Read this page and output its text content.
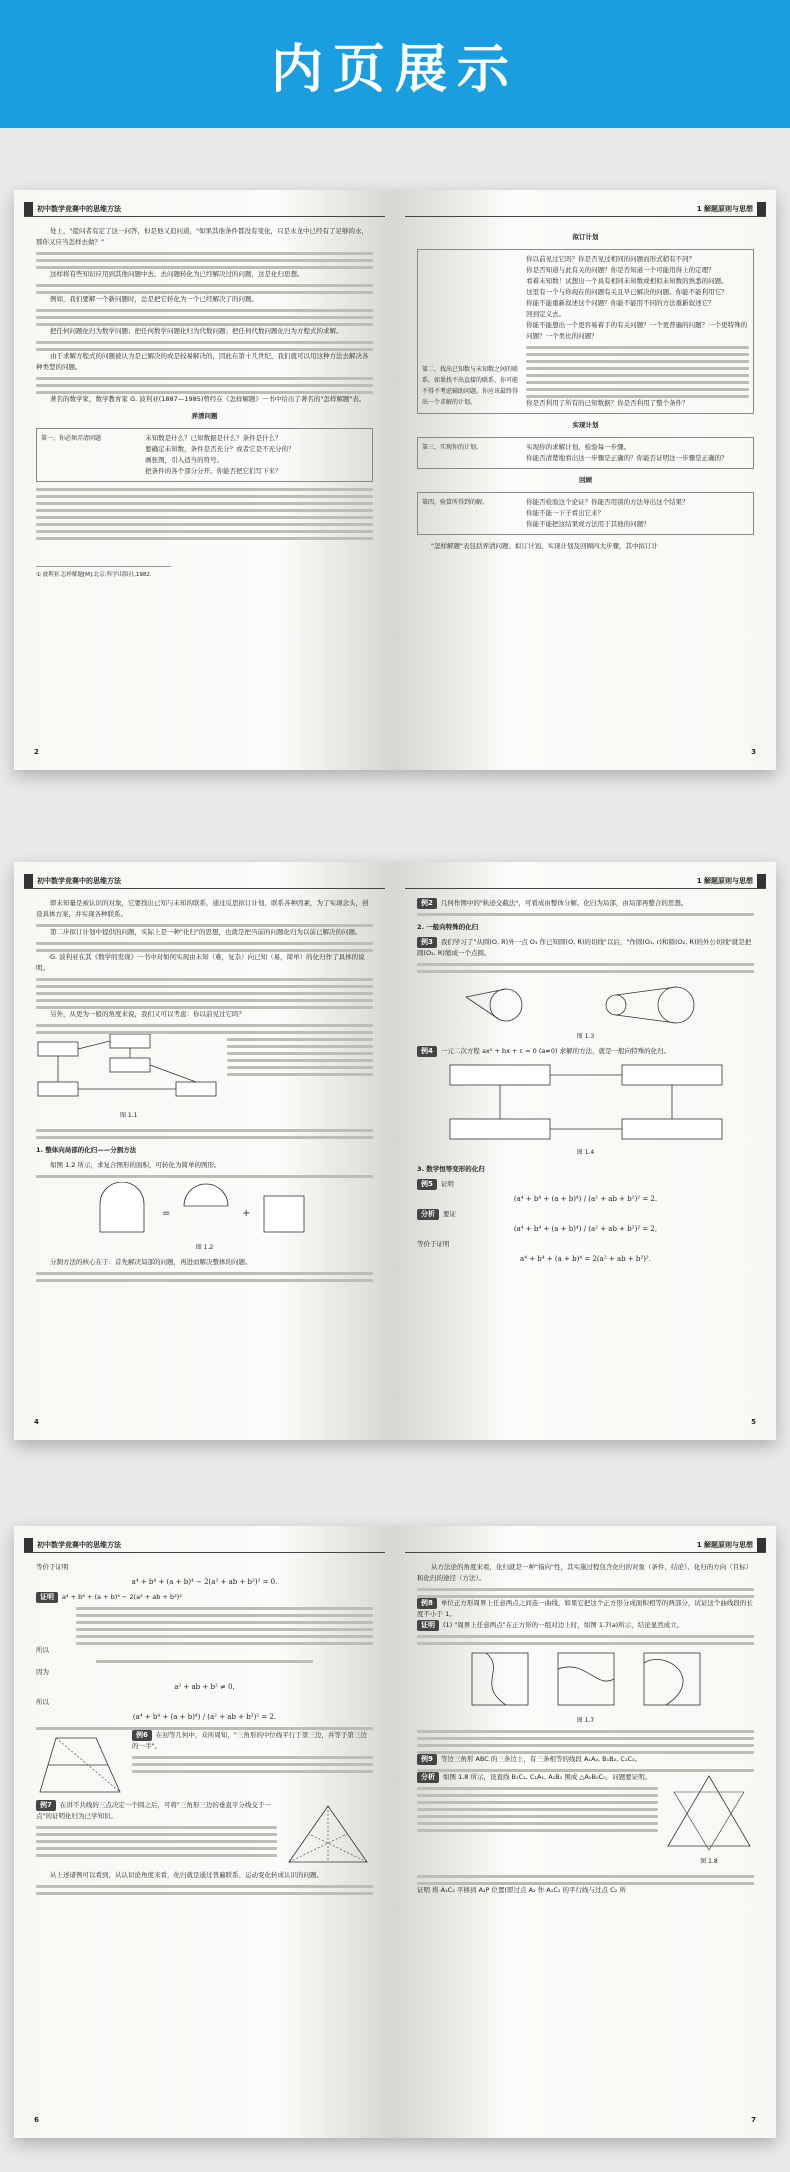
内页展示
初中数学竞赛中的思维方法

处上，"提问者有定了这一问答，但是他又追问道，"如果其他条件都没有变化，只是水龙中已经有了足够的水，那你又应当怎样去做？"

这样将有些知识应用到其他问题中去，去问题转化为已经解决过的问题，这是化归思想。

例如，我们要解一个新问题时，总是把它转化为一个已经解决了的问题。

把任何问题化归为数学问题；把任何数学问题化归为代数问题；把任何代数问题化归为方程式的求解。

由于求解方程式的问题被认为是已解决的或是较易解决的，因此在第十几世纪，我们就可以用这种方法去解决各种类型的问题。

著名的数学家、数学教育家 G. 波利亚(1887—1985)曾经在《怎样解题》一书中给出了著名的"怎样解题"表。

弄清问题
第一，你必须弄清问题	未知数是什么？已知数据是什么？条件是什么？
要确定未知数，条件是否充分？或者它是不充分的？
画张图，引入适当的符号。
把条件的各个部分分开。你能否把它们写下来？
① 波利亚.怎样解题[M].北京:科学出版社,1982.
2
1 解题原则与思想
拟订计划
第二，找出已知数与未知数之间的联系。如果找不出直接的联系，你可能不得不考虑辅助问题。你应该最终得出一个求解的计划。
你以前见过它吗？你是否见过相同的问题而形式稍有不同？
你是否知道与此有关的问题？你是否知道一个可能用得上的定理？
看着未知数！试想出一个具有相同未知数或相似未知数的熟悉的问题。
这里有一个与你现在的问题有关且早已解决的问题。你能不能利用它？
你能不能重新叙述这个问题？你能不能用不同的方法重新叙述它？
回到定义去。
你能不能想出一个更容易着手的有关问题？一个更普遍的问题？一个更特殊的问题？一个类比的问题？
你是否利用了所有的已知数据？你是否利用了整个条件？
实现计划
第三，实现你的计划。	实现你的求解计划，检验每一步骤。
你能否清楚地看出这一步骤是正确的？你能否证明这一步骤是正确的？
回顾
第四，验算所得到的解。	你能否检验这个论证？你能否用别的方法导出这个结果？
你能不能一下子看出它来？
你能不能把这结果或方法用于其他的问题？

"怎样解题"表包括弄清问题、拟订计划、实现计划及回顾四大步骤，其中拟订计

3
初中数学竞赛中的思维方法

即未知量是被认识的对象，它要找出已知与未知的联系，通过反思拟订计划，联系各种因素，为了实现念头，创设具体方案，并实现各种联系。

第二步拟订计划中提供的问题，实际上是一种"化归"的思想，也就是把当前的问题化归为以前已解决的问题。

G. 波利亚在其《数学的发现》一书中对如何实现由未知（难，复杂）向已知（易，简单）的化归作了具体的说明。

另外，从更为一般的角度来说，我们又可以考虑：你以前见过它吗？

图 1.1
1. 整体向局部的化归——分割方法

如图 1.2 所示，求复合图形的面积，可转化为简单的图形。

=	+
图 1.2

分割方法的核心在于：首先解决局部的问题，再进而解决整体的问题。

4
1 解题原则与思想
例2 几何作图中的"轨迹交截法"，可看成由整体分解、化归为局部，由局部再整合的思想。
2. 一般向特殊的化归
例3 我们学习了"从圆(O, R)外一点 O₁ 作已知圆(O, R)的切线"以后，"作圆(O₁, r)和圆(O₂, R)的外公切线"就是把圆(O₂, R)缩成一个点圆。
图 1.3
例4 一元二次方程 ax² + bx + c = 0 (a≠0) 求解的方法，就是一般向特殊的化归。
图 1.4
3. 数学恒等变形的化归
例5 证明
(a⁴ + b⁴ + (a + b)⁴) / (a² + ab + b²)² = 2.
分析 要证
(a⁴ + b⁴ + (a + b)⁴) / (a² + ab + b²)² = 2,
等价于证明
a⁴ + b⁴ + (a + b)⁴ = 2(a² + ab + b²)².
5
初中数学竞赛中的思维方法
等价于证明
a⁴ + b⁴ + (a + b)⁴ − 2(a² + ab + b²)² = 0.
证明 a⁴ + b⁴ + (a + b)⁴ − 2(a² + ab + b²)²
所以
因为
a² + ab + b² ≠ 0,
所以
(a⁴ + b⁴ + (a + b)⁴) / (a² + ab + b²)² = 2.
例6 在初等几何中，众所周知，"三角形的中位线平行于第三边，并等于第三边的一半"。
例7 在讲不共线的三点决定一个圆之后，可将"三角形三边的垂直平分线交于一点"的证明化归为已学知识。

从上述诸例可以看到，从认识论角度来看，化归就是通过普遍联系、运动变化转成认识的问题。

6
1 解题原则与思想

从方法论的角度来看，化归就是一种"指向"性，其实施过程包含化归的对象（条件，结论）、化归的方向（目标）和化归的途径（方法）。

例8 单位正方形周界上任意两点之间连一曲线，如果它把这个正方形分成面积相等的两部分，试证这个曲线段的长度不小于 1。
证明 (1) "周界上任意两点"在正方形的一组对边上时，如图 1.7(a)所示，结论显然成立。
图 1.7
例9 等边三角形 ABC 的三条边上，有三条相等的线段 A₁A₂, B₁B₂, C₁C₂。
分析 如图 1.8 所示，设直线 B₁C₁, C₁A₁, A₁B₁ 围成 △A₀B₀C₀，问题要证明。
图 1.8
证明 将 A₁C₂ 平移到 A₂P 位置(即过点 A₂ 作 A₁C₂ 的平行线与过点 C₂ 所
7
